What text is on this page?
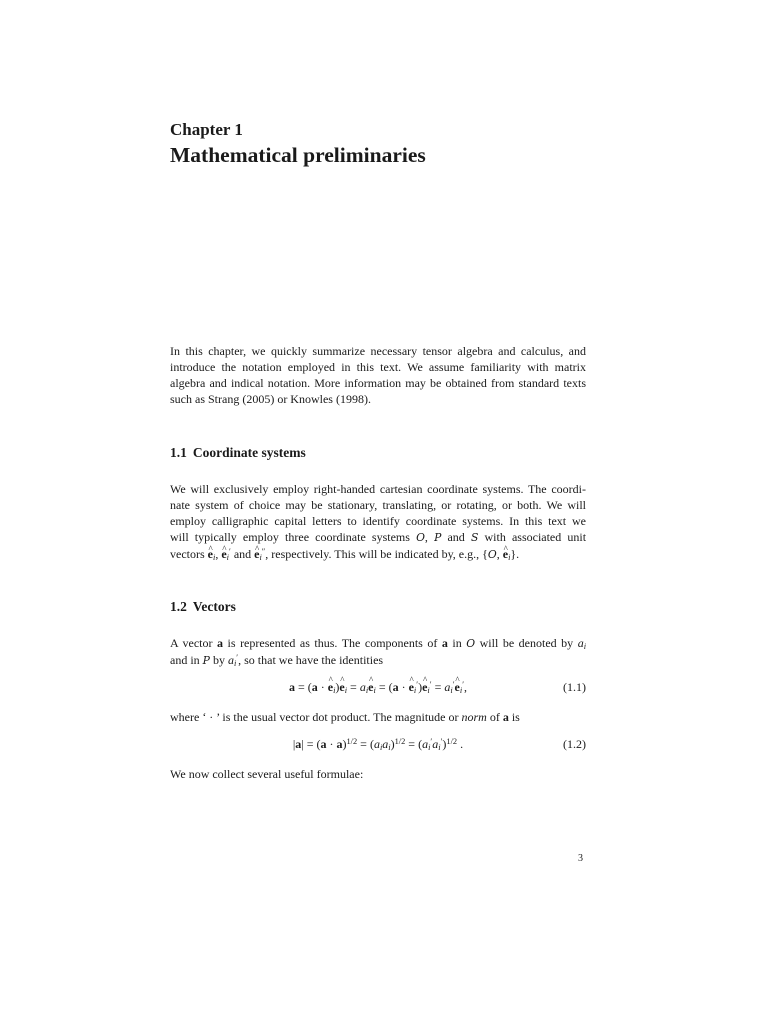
Chapter 1
Mathematical preliminaries
In this chapter, we quickly summarize necessary tensor algebra and calculus, and
introduce the notation employed in this text. We assume familiarity with matrix
algebra and indical notation. More information may be obtained from standard texts
such as Strang (2005) or Knowles (1998).
1.1 Coordinate systems
We will exclusively employ right-handed cartesian coordinate systems. The coordi-
nate system of choice may be stationary, translating, or rotating, or both. We will
employ calligraphic capital letters to identify coordinate systems. In this text we
will typically employ three coordinate systems O, P and S with associated unit
vectors ^ $e_i$, ^ $e_i'$ and ^ $e_i''$, respectively. This will be indicated by, e.g., {O, ^ $e_i$}.
1.2 Vectors
A vector a is represented as thus. The components of a in O will be denoted by $a_i$
and in P by $a_i'$, so that we have the identities
a = (a · ^ $e_i)\^{}$ $e_i$ = $a_i\^{}$ $e_i = (a$ · ^ $e_i')\^{}$ $e_i'$ = $a_i'\^{}$ $e_i'$,	(1.1)
where ‘ · ’ is the usual vector dot product. The magnitude or norm of a is
$|a| = (a \cdot a)^{1/2} = (a_ia_i)^{1/2} = (a_i'a_i')^{1/2}$ .	(1.2)
We now collect several useful formulae:
3
